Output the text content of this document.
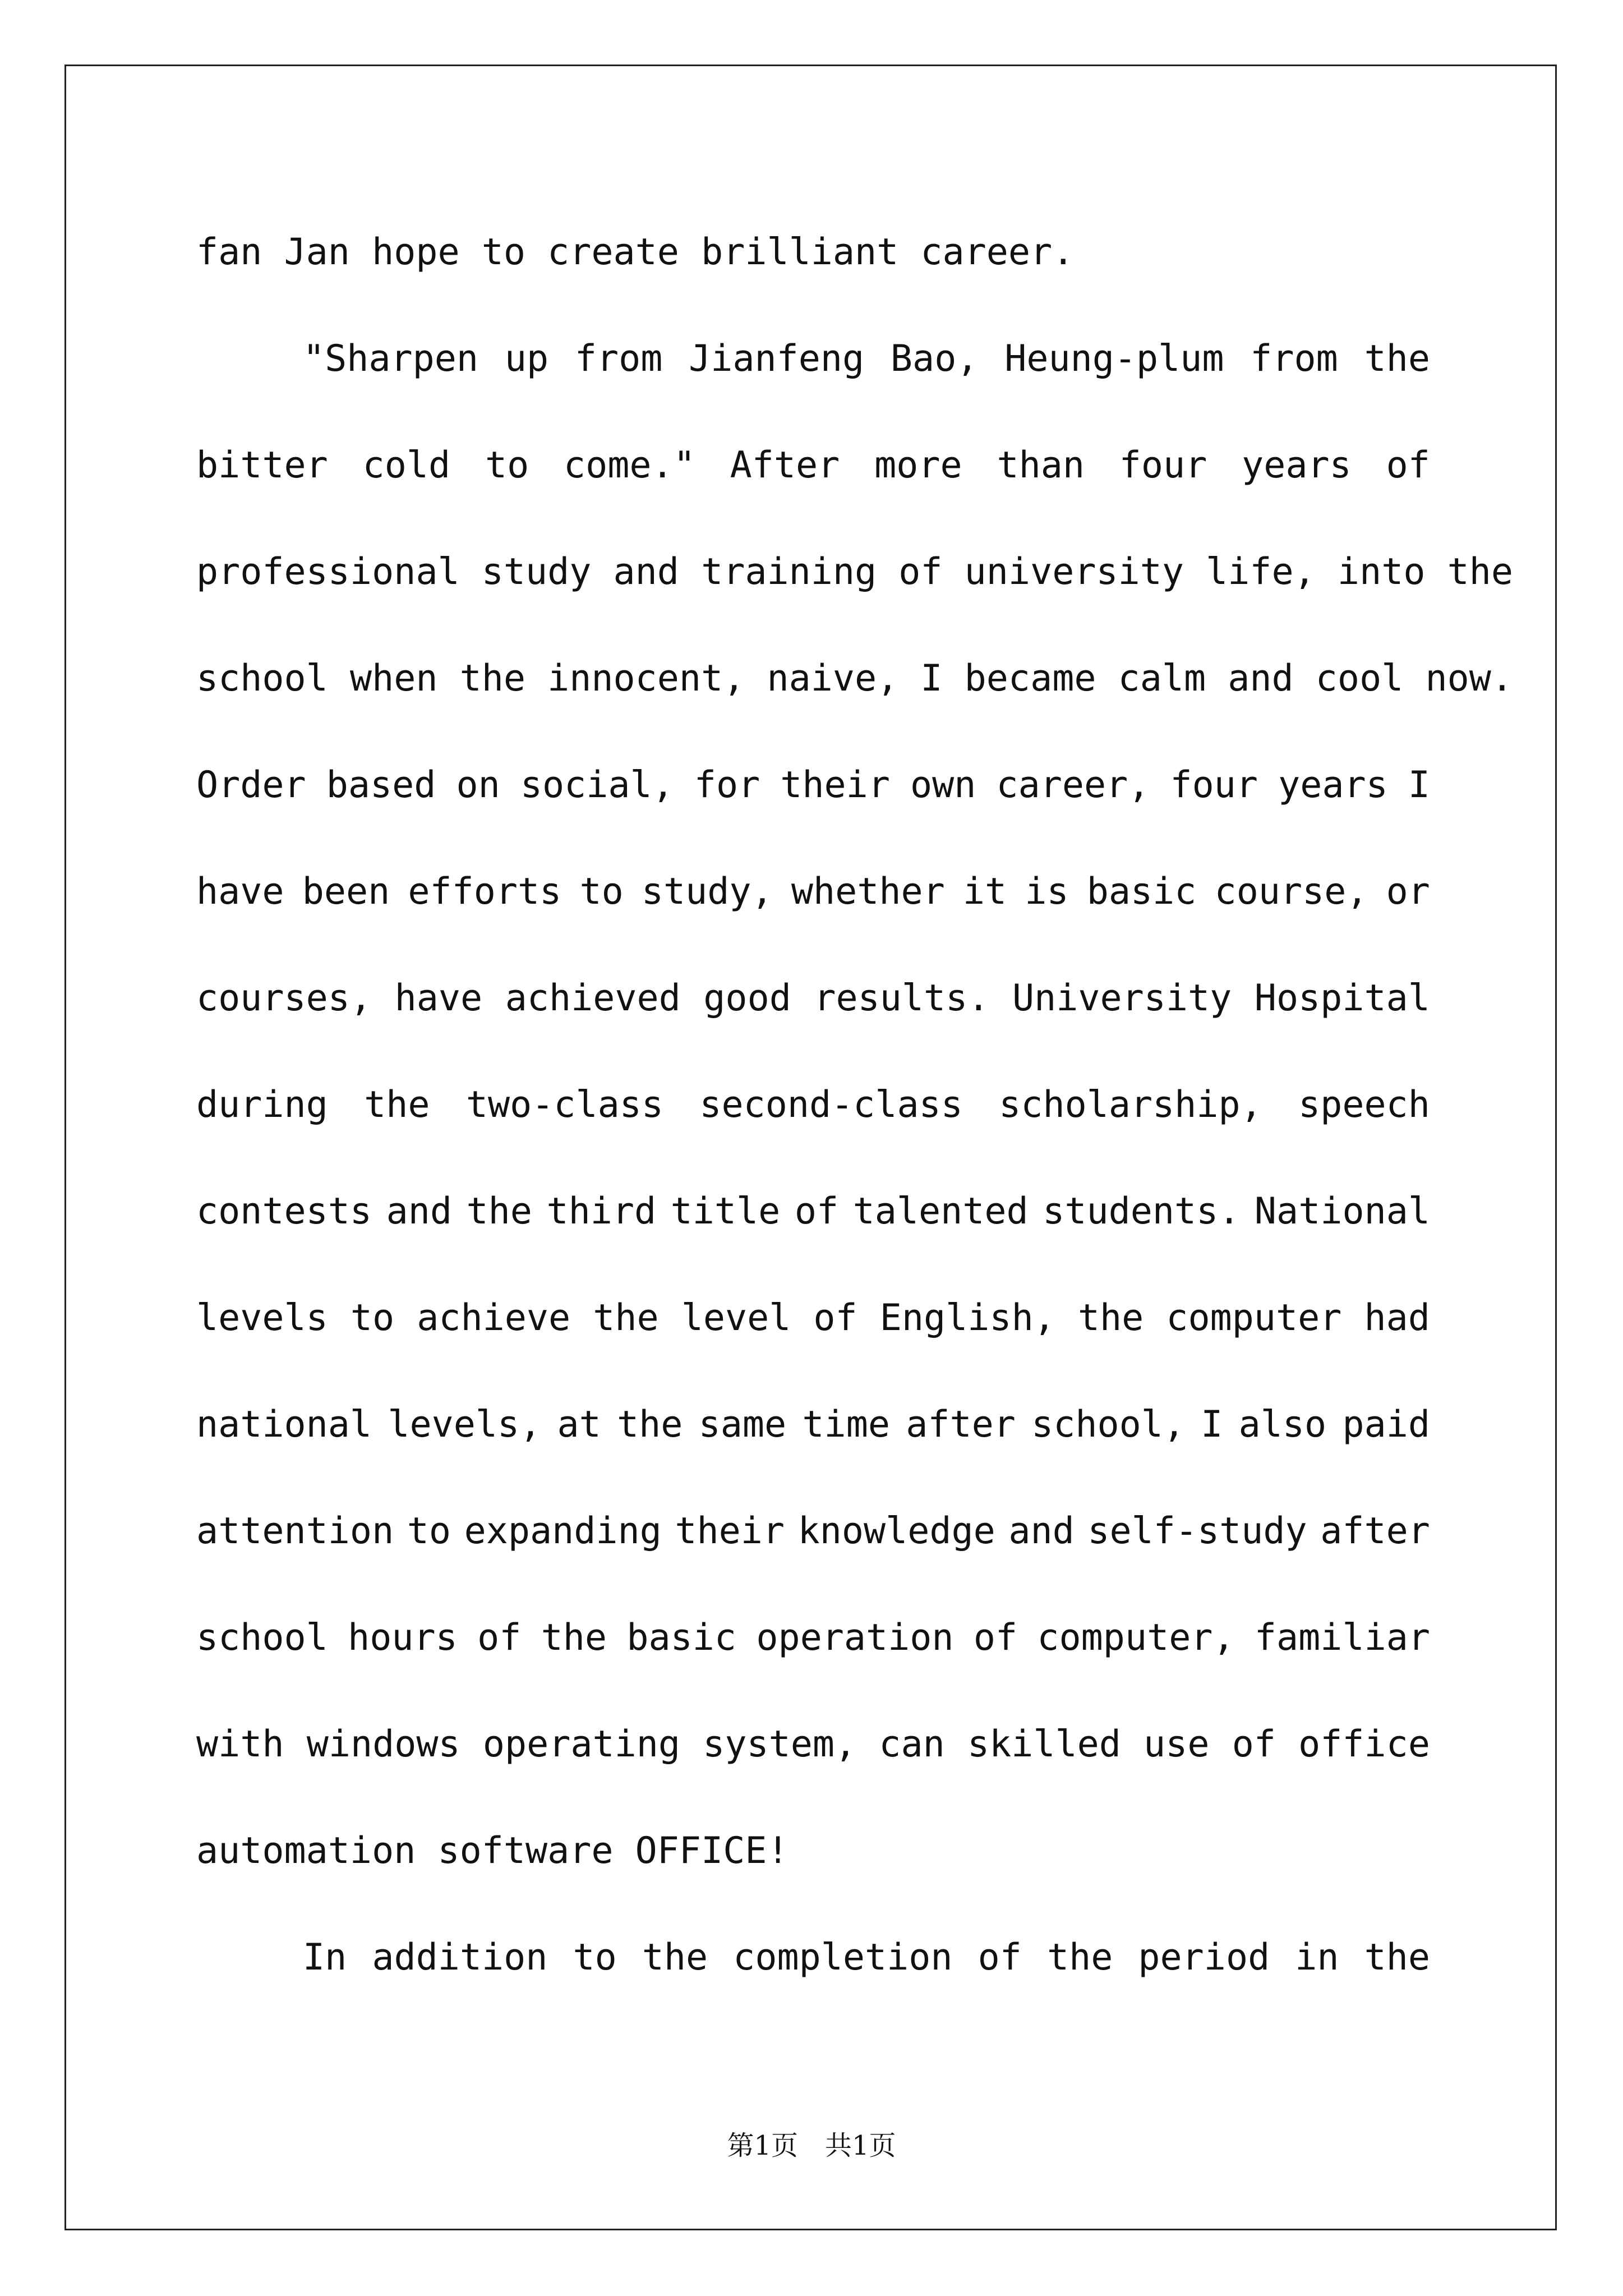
fan Jan hope to create brilliant career.
"Sharpen up from Jianfeng Bao, Heung-plum from the
bitter cold to come." After more than four years of
professional study and training of university life, into the
school when the innocent, naive, I became calm and cool now.
Order based on social, for their own career, four years I
have been efforts to study, whether it is basic course, or
courses, have achieved good results. University Hospital
during the two-class second-class scholarship, speech
contests and the third title of talented students. National
levels to achieve the level of English, the computer had
national levels, at the same time after school, I also paid
attention to expanding their knowledge and self-study after
school hours of the basic operation of computer, familiar
with windows operating system, can skilled use of office
automation software OFFICE!
In addition to the completion of the period in the
第1页　共1页
